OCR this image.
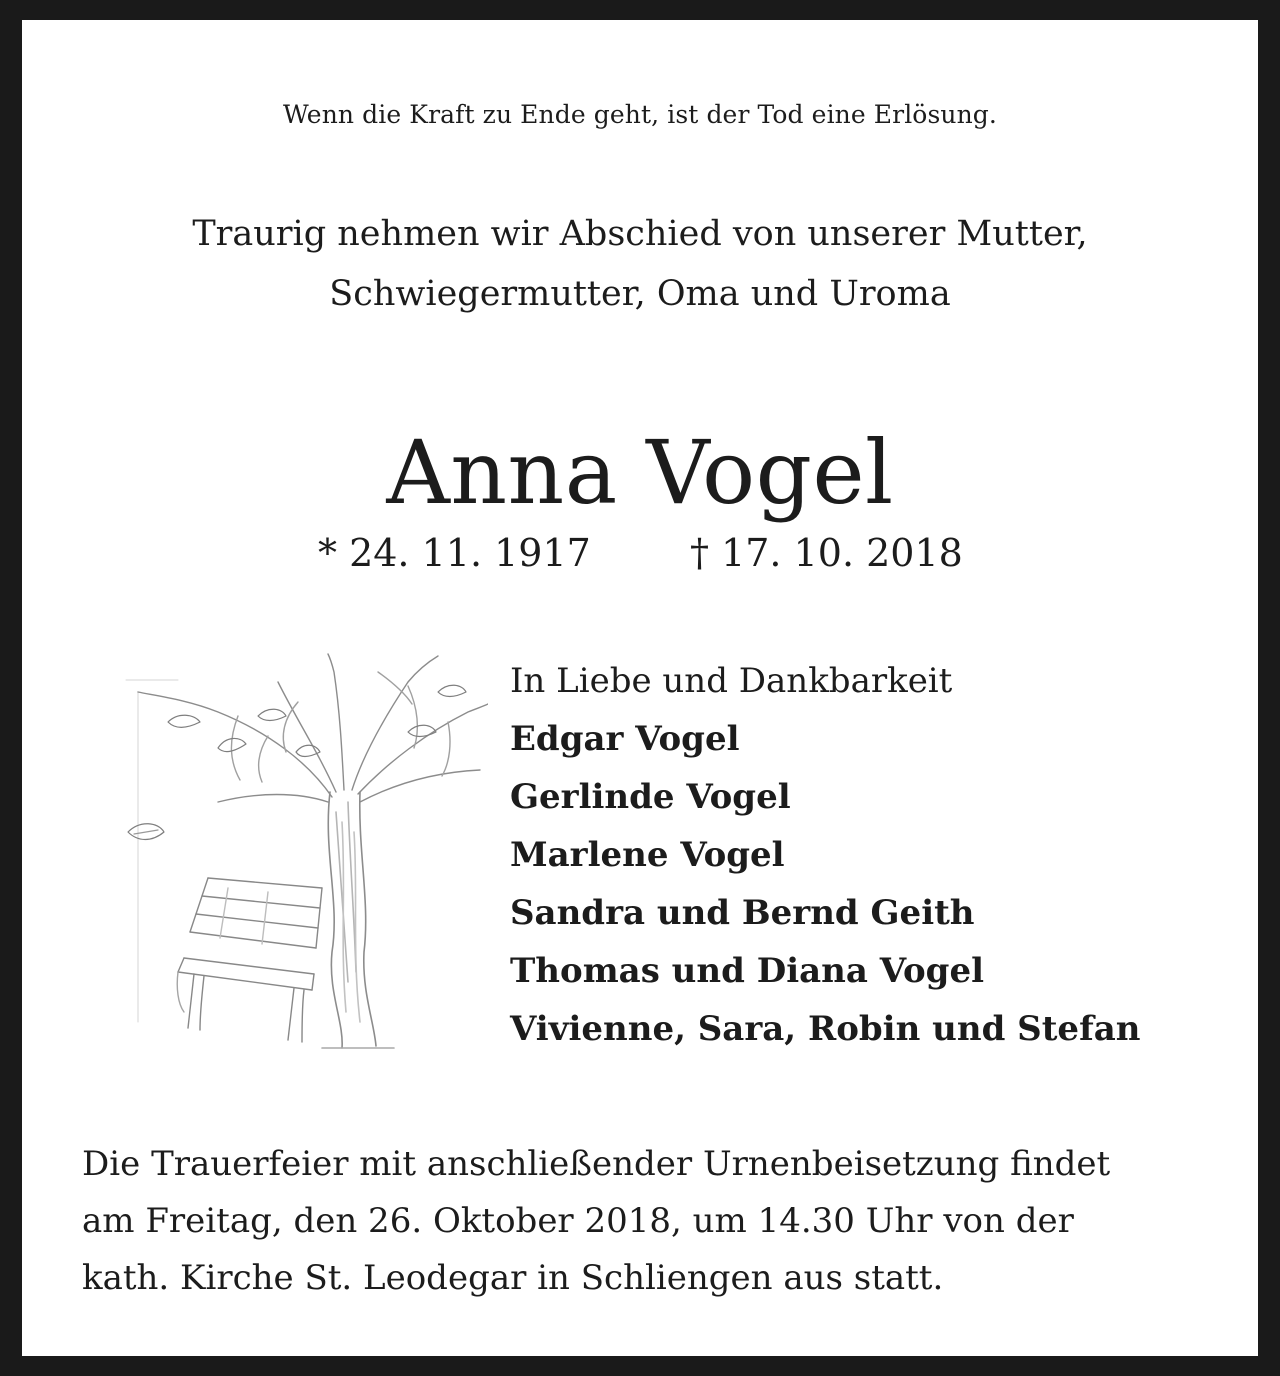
Wenn die Kraft zu Ende geht, ist der Tod eine Erlösung.
Traurig nehmen wir Abschied von unserer Mutter,
Schwiegermutter, Oma und Uroma
Anna Vogel
* 24. 11. 1917	† 17. 10. 2018
In Liebe und Dankbarkeit
Edgar Vogel
Gerlinde Vogel
Marlene Vogel
Sandra und Bernd Geith
Thomas und Diana Vogel
Vivienne, Sara, Robin und Stefan
Die Trauerfeier mit anschließender Urnenbeisetzung findet
am Freitag, den 26. Oktober 2018, um 14.30 Uhr von der
kath. Kirche St. Leodegar in Schliengen aus statt.
